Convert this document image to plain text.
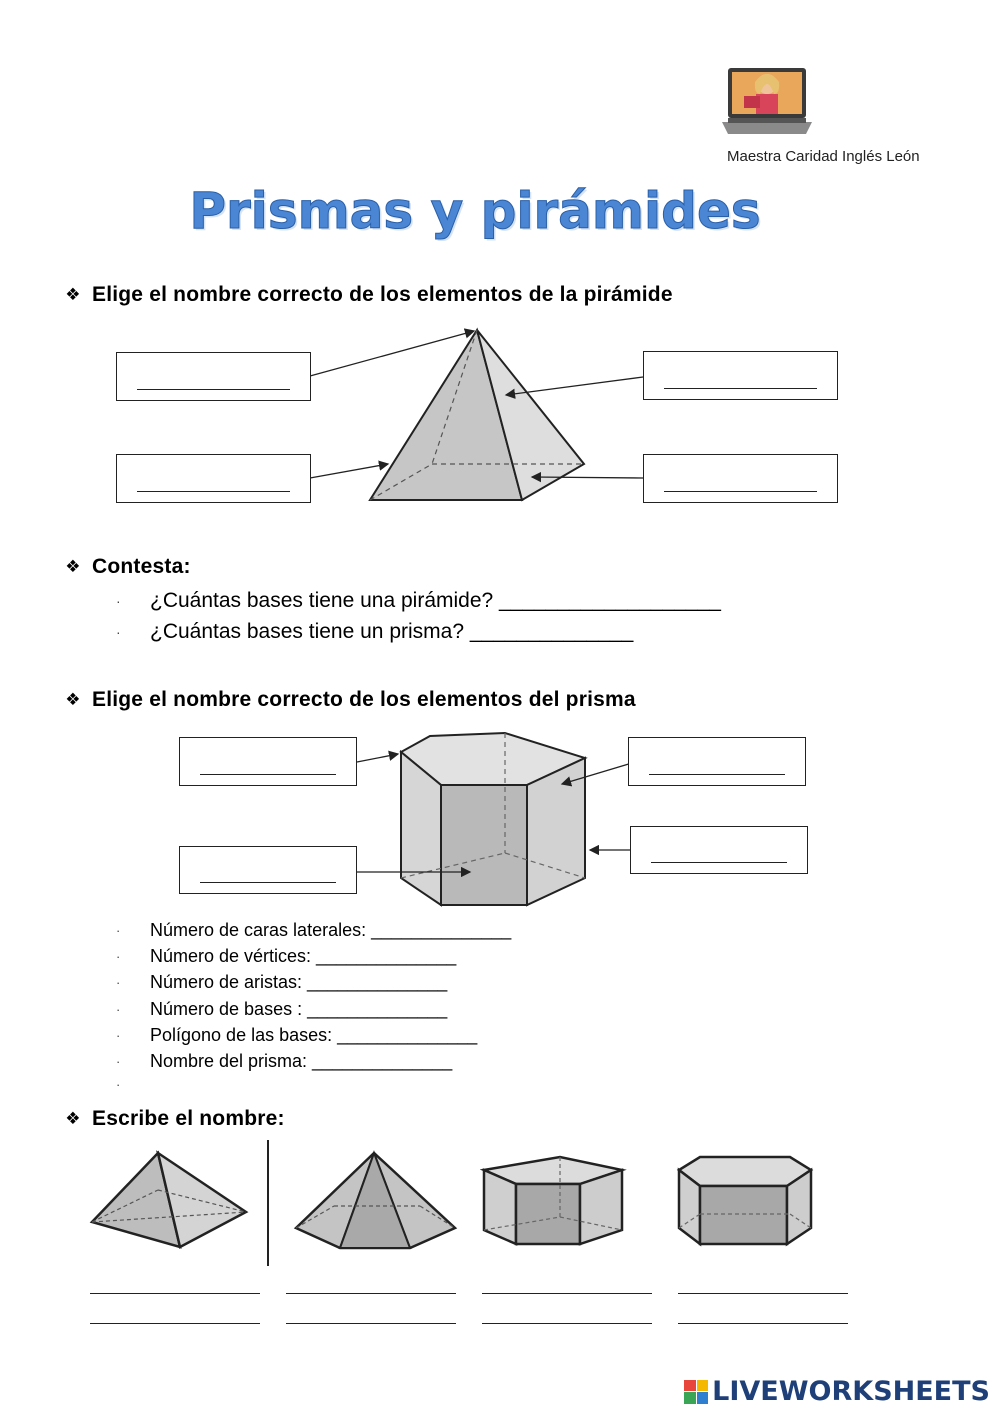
Maestra Caridad Inglés León
Prismas y pirámides
❖ Elige el nombre correcto de los elementos de la pirámide
❖ Contesta:
·	¿Cuántas bases tiene una pirámide? ___________________
·	¿Cuántas bases tiene un prisma? ______________
❖ Elige el nombre correcto de los elementos del prisma
·	Número de caras laterales: ______________
·	Número de vértices: ______________
·	Número de aristas: ______________
·	Número de bases : ______________
·	Polígono de las bases: ______________
·	Nombre del prisma: ______________
·
❖ Escribe el nombre:
LIVEWORKSHEETS
